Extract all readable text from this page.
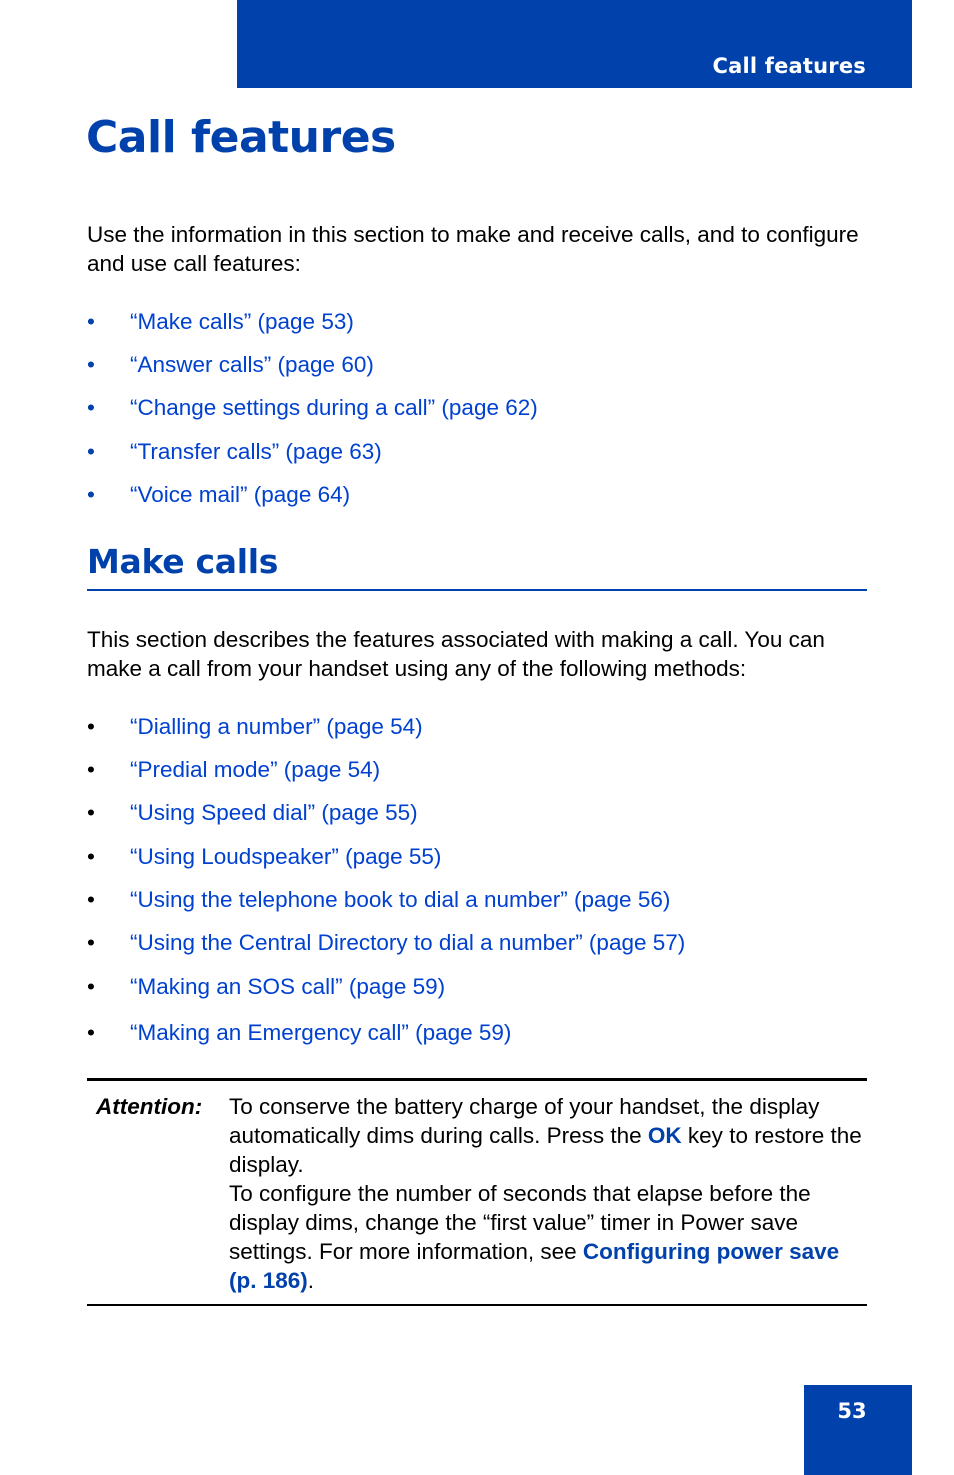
Call features

Call features

Use the information in this section to make and receive calls, and to configure and use call features:

• “Make calls” (page 53)
• “Answer calls” (page 60)
• “Change settings during a call” (page 62)
• “Transfer calls” (page 63)
• “Voice mail” (page 64)
Make calls

This section describes the features associated with making a call. You can make a call from your handset using any of the following methods:

• “Dialling a number” (page 54)
• “Predial mode” (page 54)
• “Using Speed dial” (page 55)
• “Using Loudspeaker” (page 55)
• “Using the telephone book to dial a number” (page 56)
• “Using the Central Directory to dial a number” (page 57)
• “Making an SOS call” (page 59)
• “Making an Emergency call” (page 59)

Attention: To conserve the battery charge of your handset, the display automatically dims during calls. Press the OK key to restore the display.

To configure the number of seconds that elapse before the display dims, change the “first value” timer in Power save settings. For more information, see Configuring power save (p. 186).

53
